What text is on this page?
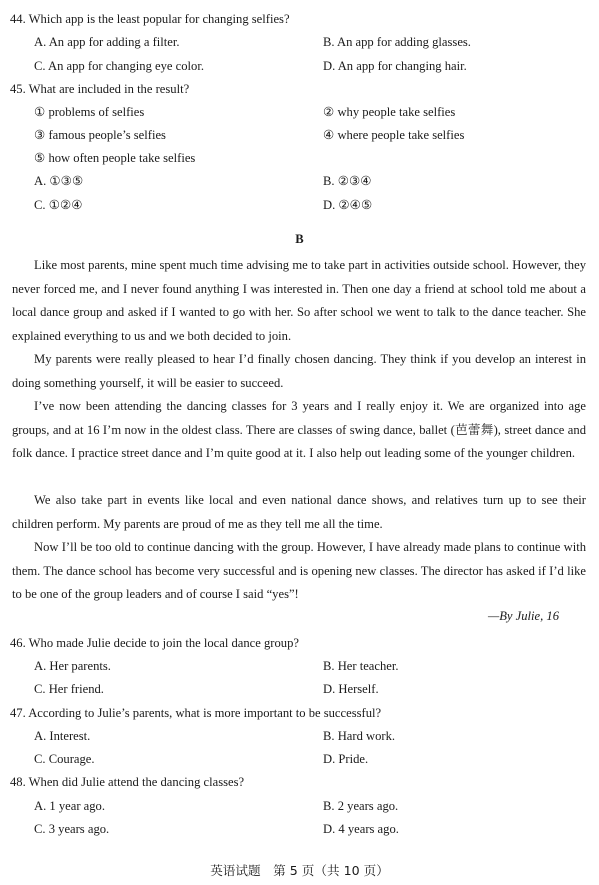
44. Which app is the least popular for changing selfies?
A. An app for adding a filter.	B. An app for adding glasses.
C. An app for changing eye color.	D. An app for changing hair.
45. What are included in the result?
① problems of selfies	② why people take selfies
③ famous people’s selfies	④ where people take selfies
⑤ how often people take selfies
A. ①③⑤	B. ②③④
C. ①②④	D. ②④⑤
B
Like most parents, mine spent much time advising me to take part in activities outside school. However, they never forced me, and I never found anything I was interested in. Then one day a friend at school told me about a local dance group and asked if I wanted to go with her. So after school we went to talk to the dance teacher. She explained everything to us and we both decided to join.
My parents were really pleased to hear I’d finally chosen dancing. They think if you develop an interest in doing something yourself, it will be easier to succeed.
I’ve now been attending the dancing classes for 3 years and I really enjoy it. We are organized into age groups, and at 16 I’m now in the oldest class. There are classes of swing dance, ballet (芭蕾舞), street dance and folk dance. I practice street dance and I’m quite good at it. I also help out leading some of the younger children.
We also take part in events like local and even national dance shows, and relatives turn up to see their children perform. My parents are proud of me as they tell me all the time.
Now I’ll be too old to continue dancing with the group. However, I have already made plans to continue with them. The dance school has become very successful and is opening new classes. The director has asked if I’d like to be one of the group leaders and of course I said “yes”!
—By Julie, 16
46. Who made Julie decide to join the local dance group?
A. Her parents.	B. Her teacher.
C. Her friend.	D. Herself.
47. According to Julie’s parents, what is more important to be successful?
A. Interest.	B. Hard work.
C. Courage.	D. Pride.
48. When did Julie attend the dancing classes?
A. 1 year ago.	B. 2 years ago.
C. 3 years ago.	D. 4 years ago.
英语试题　第 5 页（共 10 页）
